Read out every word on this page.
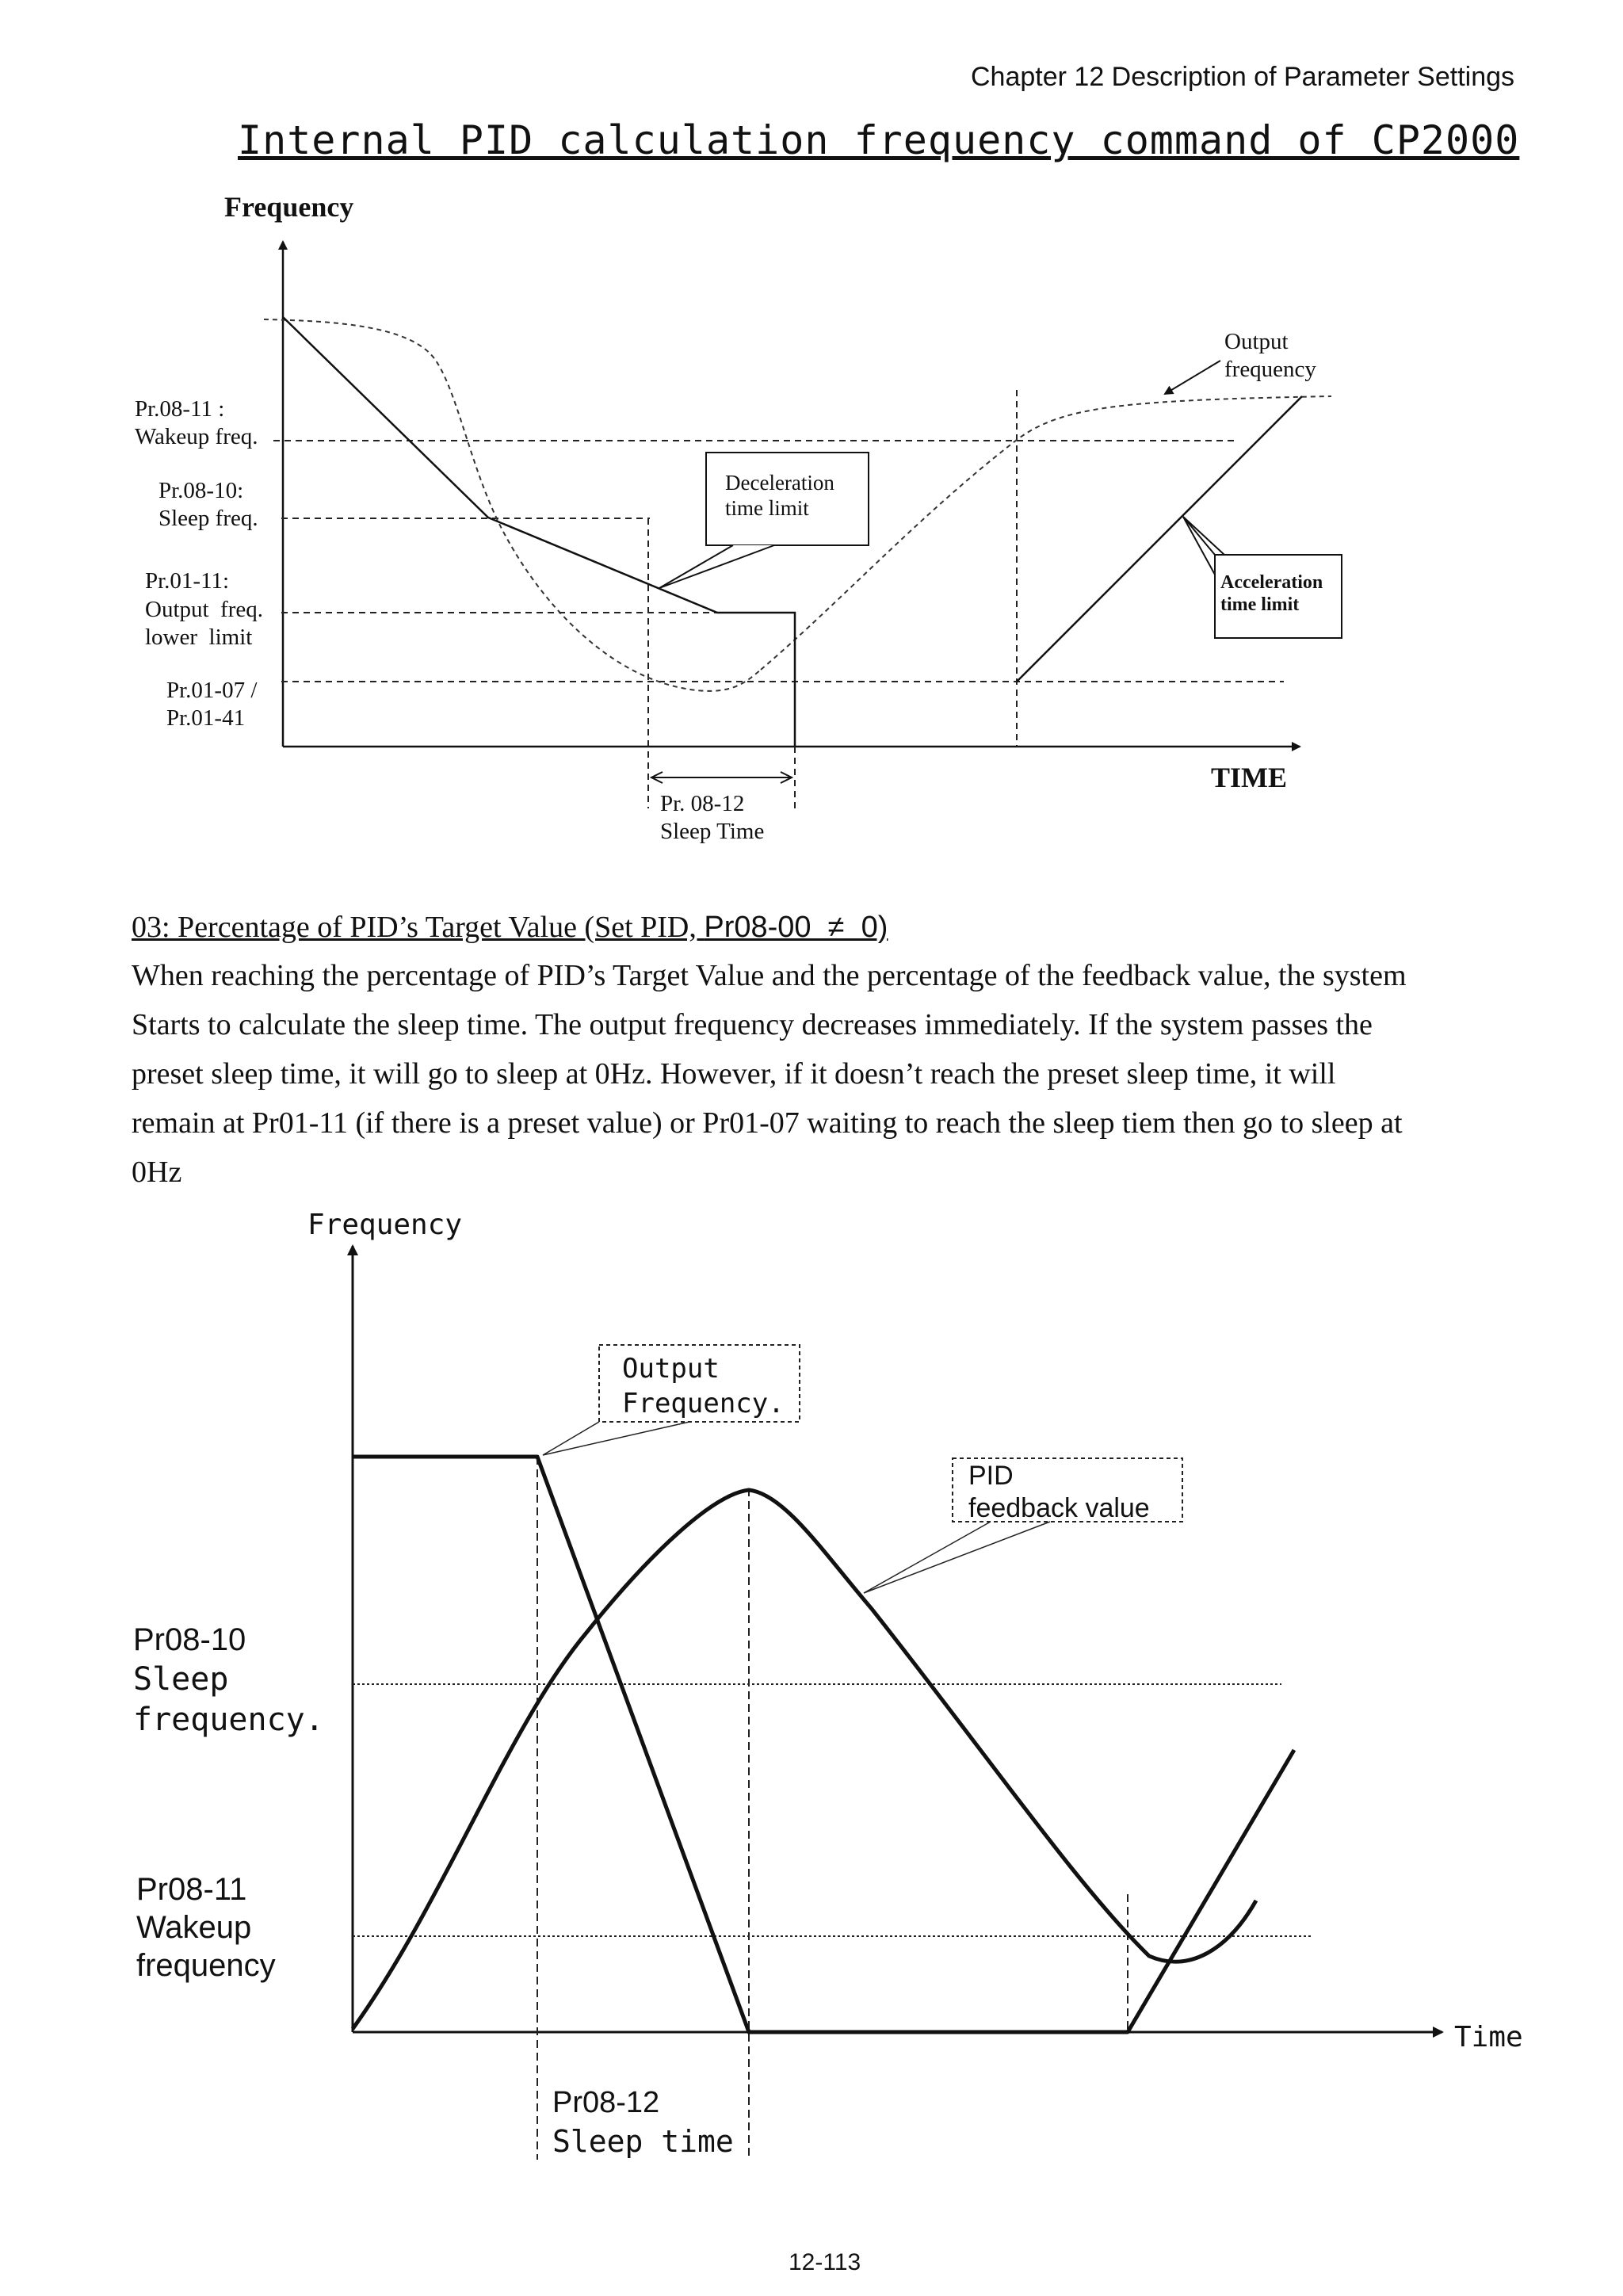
Chapter 12 Description of Parameter Settings
Internal PID calculation frequency command of CP2000
Frequency
TIME
Pr.08-11 :
Wakeup freq.
Pr.08-10:
Sleep freq.
Pr.01-11:
Output  freq.
lower  limit
Pr.01-07 /
Pr.01-41
Output
frequency
Deceleration
time limit
Acceleration
time limit
Pr. 08-12
Sleep Time
03: Percentage of PID’s Target Value (Set PID, Pr08-00  ≠  0)
When reaching the percentage of PID’s Target Value and the percentage of the feedback value, the system
Starts to calculate the sleep time. The output frequency decreases immediately. If the system passes the
preset sleep time, it will go to sleep at 0Hz. However, if it doesn’t reach the preset sleep time, it will
remain at Pr01-11 (if there is a preset value) or Pr01-07 waiting to reach the sleep tiem then go to sleep at
0Hz
Frequency
Time
Output
Frequency.
PID
feedback value
Pr08-10
Sleep
frequency.
Pr08-11
Wakeup
frequency
Pr08-12
Sleep time
12-113
